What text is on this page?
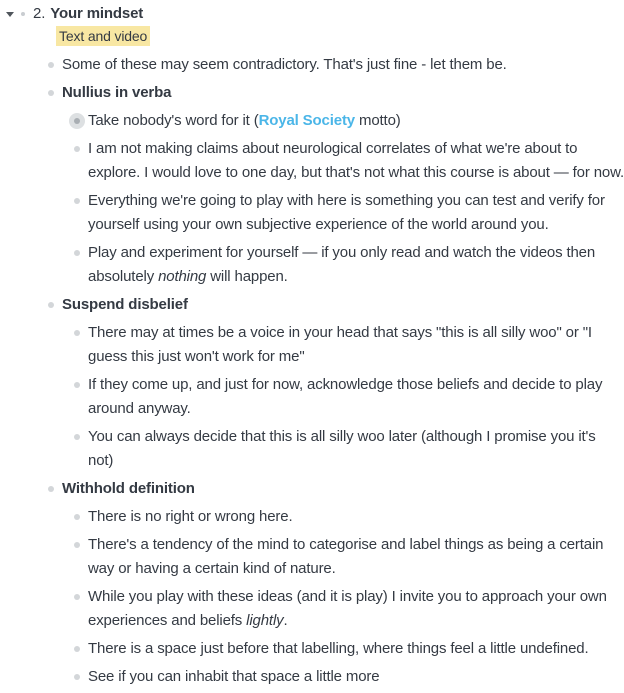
2. Your mindset
Text and video
Some of these may seem contradictory. That's just fine - let them be.
Nullius in verba
Take nobody's word for it (Royal Society motto)
I am not making claims about neurological correlates of what we're about to explore. I would love to one day, but that's not what this course is about — for now.
Everything we're going to play with here is something you can test and verify for yourself using your own subjective experience of the world around you.
Play and experiment for yourself — if you only read and watch the videos then absolutely nothing will happen.
Suspend disbelief
There may at times be a voice in your head that says "this is all silly woo" or "I guess this just won't work for me"
If they come up, and just for now, acknowledge those beliefs and decide to play around anyway.
You can always decide that this is all silly woo later (although I promise you it's not)
Withhold definition
There is no right or wrong here.
There's a tendency of the mind to categorise and label things as being a certain way or having a certain kind of nature.
While you play with these ideas (and it is play) I invite you to approach your own experiences and beliefs lightly.
There is a space just before that labelling, where things feel a little undefined.
See if you can inhabit that space a little more
